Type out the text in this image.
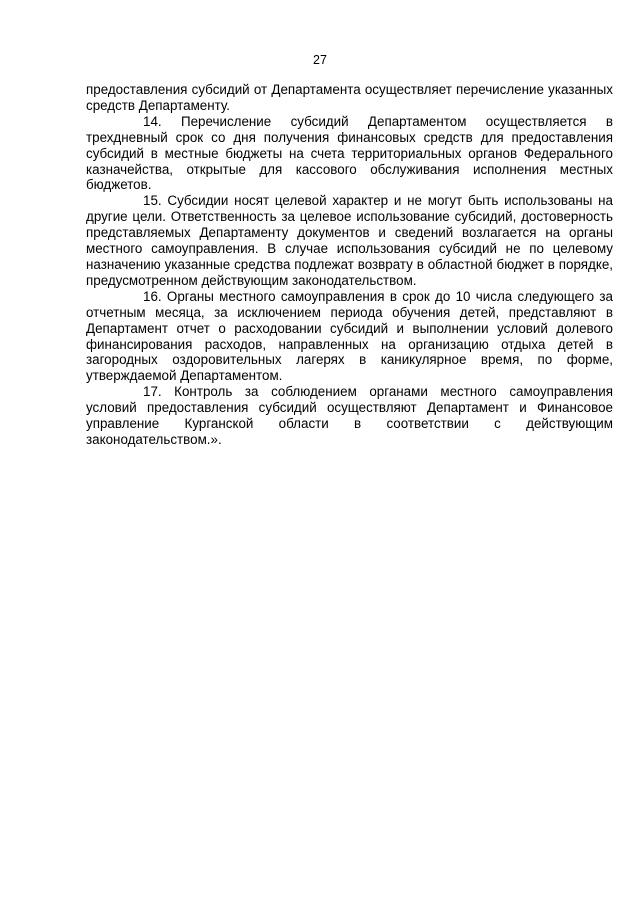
27

предоставления субсидий от Департамента осуществляет перечисление указанных средств Департаменту.

14. Перечисление субсидий Департаментом осуществляется в трехдневный срок со дня получения финансовых средств для предоставления субсидий в местные бюджеты на счета территориальных органов Федерального казначейства, открытые для кассового обслуживания исполнения местных бюджетов.

15. Субсидии носят целевой характер и не могут быть использованы на другие цели. Ответственность за целевое использование субсидий, достоверность представляемых Департаменту документов и сведений возлагается на органы местного самоуправления. В случае использования субсидий не по целевому назначению указанные средства подлежат возврату в областной бюджет в порядке, предусмотренном действующим законодательством.

16. Органы местного самоуправления в срок до 10 числа следующего за отчетным месяца, за исключением периода обучения детей, представляют в Департамент отчет о расходовании субсидий и выполнении условий долевого финансирования расходов, направленных на организацию отдыха детей в загородных оздоровительных лагерях в каникулярное время, по форме, утверждаемой Департаментом.

17. Контроль за соблюдением органами местного самоуправления условий предоставления субсидий осуществляют Департамент и Финансовое управление Курганской области в соответствии с действующим законодательством.».
